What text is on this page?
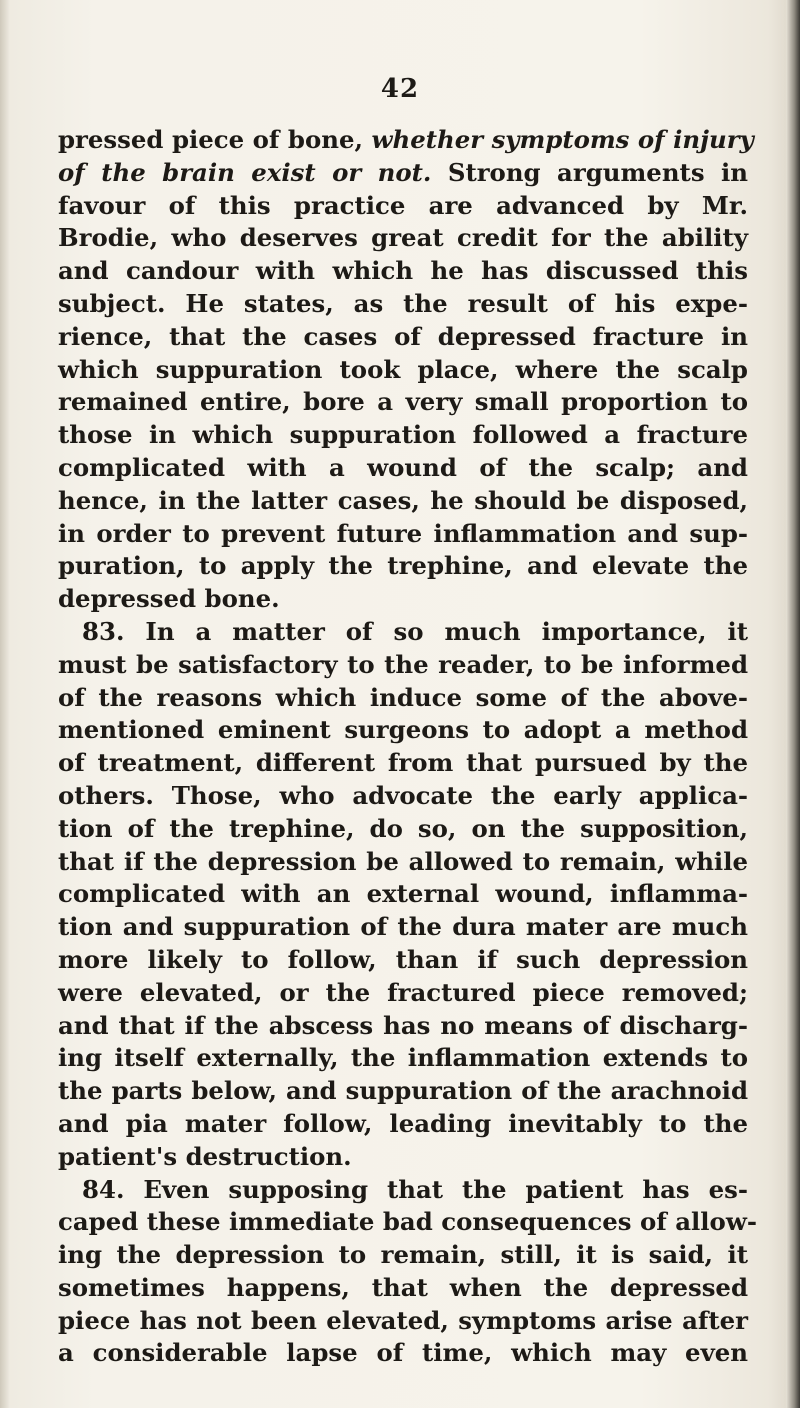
42
pressed piece of bone, whether symptoms of injury
of the brain exist or not. Strong arguments in
favour of this practice are advanced by Mr.
Brodie, who deserves great credit for the ability
and candour with which he has discussed this
subject. He states, as the result of his expe-
rience, that the cases of depressed fracture in
which suppuration took place, where the scalp
remained entire, bore a very small proportion to
those in which suppuration followed a fracture
complicated with a wound of the scalp; and
hence, in the latter cases, he should be disposed,
in order to prevent future inflammation and sup-
puration, to apply the trephine, and elevate the
depressed bone.
83. In a matter of so much importance, it
must be satisfactory to the reader, to be informed
of the reasons which induce some of the above-
mentioned eminent surgeons to adopt a method
of treatment, different from that pursued by the
others. Those, who advocate the early applica-
tion of the trephine, do so, on the supposition,
that if the depression be allowed to remain, while
complicated with an external wound, inflamma-
tion and suppuration of the dura mater are much
more likely to follow, than if such depression
were elevated, or the fractured piece removed;
and that if the abscess has no means of discharg-
ing itself externally, the inflammation extends to
the parts below, and suppuration of the arachnoid
and pia mater follow, leading inevitably to the
patient's destruction.
84. Even supposing that the patient has es-
caped these immediate bad consequences of allow-
ing the depression to remain, still, it is said, it
sometimes happens, that when the depressed
piece has not been elevated, symptoms arise after
a considerable lapse of time, which may even
